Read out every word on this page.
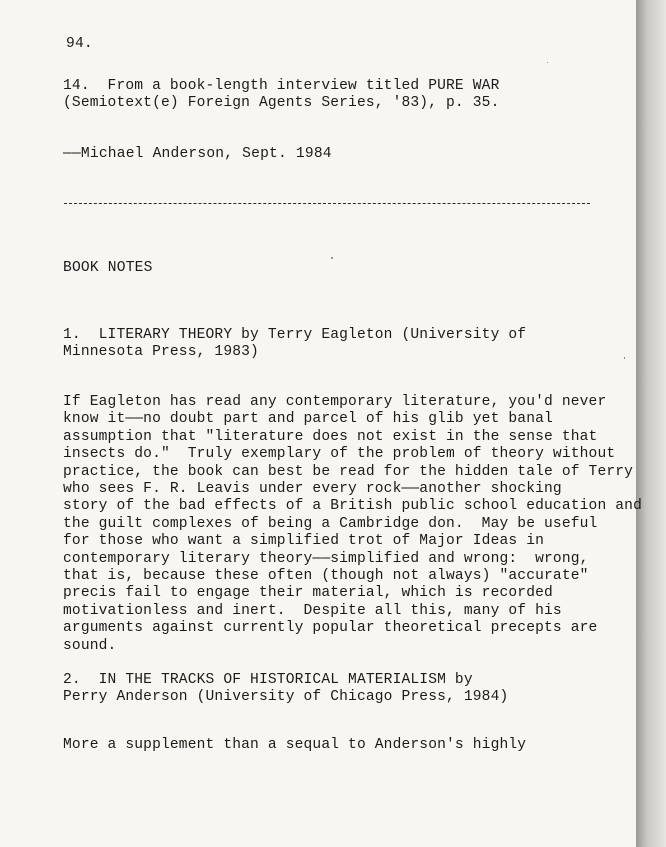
94.
14.  From a book-length interview titled PURE WAR
(Semiotext(e) Foreign Agents Series, '83), p. 35.
——Michael Anderson, Sept. 1984
BOOK NOTES
1.  LITERARY THEORY by Terry Eagleton (University of
Minnesota Press, 1983)
If Eagleton has read any contemporary literature, you'd never
know it——no doubt part and parcel of his glib yet banal
assumption that "literature does not exist in the sense that
insects do."  Truly exemplary of the problem of theory without
practice, the book can best be read for the hidden tale of Terry
who sees F. R. Leavis under every rock——another shocking
story of the bad effects of a British public school education and
the guilt complexes of being a Cambridge don.  May be useful
for those who want a simplified trot of Major Ideas in
contemporary literary theory——simplified and wrong:  wrong,
that is, because these often (though not always) "accurate"
precis fail to engage their material, which is recorded
motivationless and inert.  Despite all this, many of his
arguments against currently popular theoretical precepts are
sound.
2.  IN THE TRACKS OF HISTORICAL MATERIALISM by
Perry Anderson (University of Chicago Press, 1984)
More a supplement than a sequal to Anderson's highly
